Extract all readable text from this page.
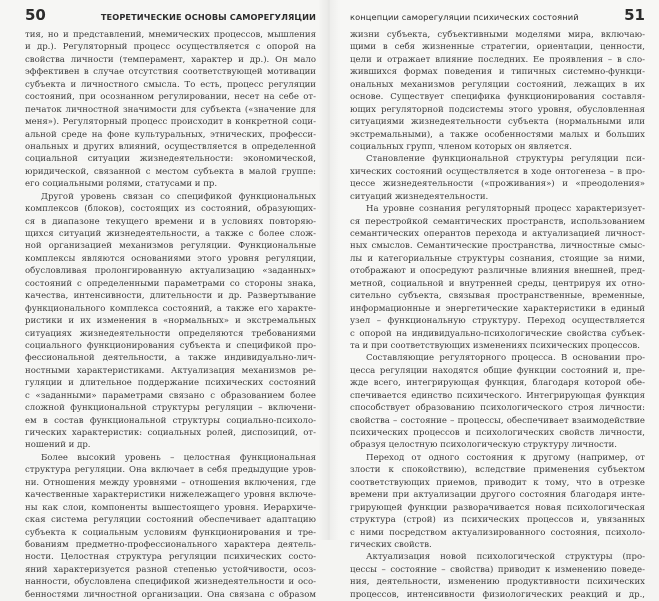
50	ТЕОРЕТИЧЕСКИЕ ОСНОВЫ САМОРЕГУЛЯЦИИ
тия, но и представлений, мнемических процессов, мышления
и др.). Регуляторный процесс осуществляется с опорой на
свойства личности (темперамент, характер и др.). Он мало
эффективен в случае отсутствия соответствующей мотивации
субъекта и личностного смысла. То есть, процесс регуляции
состояний, при осознанном регулировании, несет на себе от-
печаток личностной значимости для субъекта («значение для
меня»). Регуляторный процесс происходит в конкретной соци-
альной среде на фоне культуральных, этнических, професси-
ональных и других влияний, осуществляется в определенной
социальной ситуации жизнедеятельности: экономической,
юридической, связанной с местом субъекта в малой группе:
его социальными ролями, статусами и пр.
Другой уровень связан со спецификой функциональных
комплексов (блоков), состоящих из состояний, образующих-
ся в диапазоне текущего времени и в условиях повторяю-
щихся ситуаций жизнедеятельности, а также с более слож-
ной организацией механизмов регуляции. Функциональные
комплексы являются основаниями этого уровня регуляции,
обусловливая пролонгированную актуализацию «заданных»
состояний с определенными параметрами со стороны знака,
качества, интенсивности, длительности и др. Развертывание
функционального комплекса состояний, а также его характе-
ристики и их изменения в «нормальных» и экстремальных
ситуациях жизнедеятельности определяются требованиями
социального функционирования субъекта и спецификой про-
фессиональной деятельности, а также индивидуально-лич-
ностными характеристиками. Актуализация механизмов ре-
гуляции и длительное поддержание психических состояний
с «заданными» параметрами связано с образованием более
сложной функциональной структуры регуляции – включени-
ем в состав функциональной структуры социально-психоло-
гических характеристик: социальных ролей, диспозиций, от-
ношений и др.
Более высокий уровень – целостная функциональная
структура регуляции. Она включает в себя предыдущие уров-
ни. Отношения между уровнями – отношения включения, где
качественные характеристики нижележащего уровня включе-
ны как слои, компоненты вышестоящего уровня. Иерархиче-
ская система регуляции состояний обеспечивает адаптацию
субъекта к социальным условиям функционирования и тре-
бованиям предметно-профессионального характера деятель-
ности. Целостная структура регуляции психических состо-
яний характеризуется разной степенью устойчивости, осоз-
нанности, обусловлена спецификой жизнедеятельности и осо-
бенностями личностной организации. Она связана с образом
концепции саморегуляции психических состояний	51
жизни субъекта, субъективными моделями мира, включаю-
щими в себя жизненные стратегии, ориентации, ценности,
цели и отражает влияние последних. Ее проявления – в сло-
жившихся формах поведения и типичных системно-функци-
ональных механизмов регуляции состояний, лежащих в их
основе. Существует специфика функционирования составля-
ющих регуляторной подсистемы этого уровня, обусловленная
ситуациями жизнедеятельности субъекта (нормальными или
экстремальными), а также особенностями малых и больших
социальных групп, членом которых он является.
Становление функциональной структуры регуляции пси-
хических состояний осуществляется в ходе онтогенеза – в про-
цессе жизнедеятельности («проживания») и «преодоления»
ситуаций жизнедеятельности.
На уровне сознания регуляторный процесс характеризует-
ся перестройкой семантических пространств, использованием
семантических оперантов перехода и актуализацией личност-
ных смыслов. Семантические пространства, личностные смыс-
лы и категориальные структуры сознания, стоящие за ними,
отображают и опосредуют различные влияния внешней, пред-
метной, социальной и внутренней среды, центрируя их отно-
сительно субъекта, связывая пространственные, временные,
информационные и энергетические характеристики в единый
узел – функциональную структуру. Переход осуществляется
с опорой на индивидуально-психологические свойства субъек-
та и при соответствующих изменениях психических процессов.
Составляющие регуляторного процесса. В основании про-
цесса регуляции находятся общие функции состояний и, пре-
жде всего, интегрирующая функция, благодаря которой обе-
спечивается единство психического. Интегрирующая функция
способствует образованию психологического строя личности:
свойства – состояние – процессы, обеспечивает взаимодействие
психических процессов и психологических свойств личности,
образуя целостную психологическую структуру личности.
Переход от одного состояния к другому (например, от
злости к спокойствию), вследствие применения субъектом
соответствующих приемов, приводит к тому, что в отрезке
времени при актуализации другого состояния благодаря инте-
грирующей функции разворачивается новая психологическая
структура (строй) из психических процессов и, увязанных
с ними посредством актуализированного состояния, психоло-
гических свойств.
Актуализация новой психологической структуры (про-
цессы – состояние – свойства) приводит к изменению поведе-
ния, деятельности, изменению продуктивности психических
процессов, интенсивности физиологических реакций и др.,
